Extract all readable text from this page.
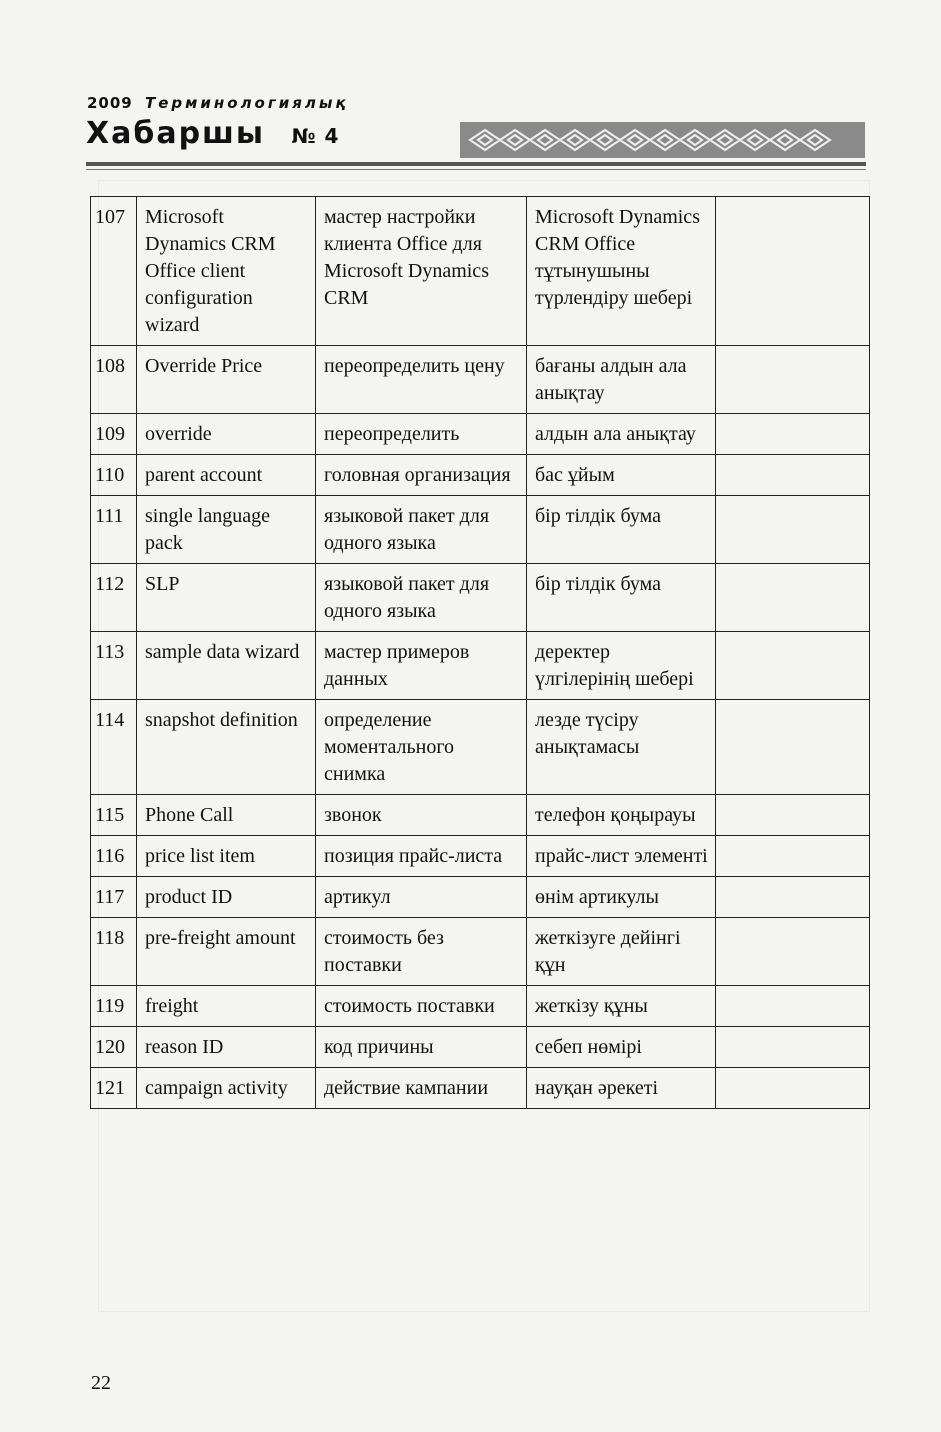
2009 Терминологиялық
Хабаршы № 4
107	Microsoft Dynamics CRM Office client configuration wizard	мастер настройки клиента Office для Microsoft Dynamics CRM	Microsoft Dynamics CRM Office тұтынушыны түрлендіру шебері	
108	Override Price	переопределить цену	бағаны алдын ала анықтау	
109	override	переопределить	алдын ала анықтау	
110	parent account	головная организация	бас ұйым	
111	single language pack	языковой пакет для одного языка	бір тілдік бума	
112	SLP	языковой пакет для одного языка	бір тілдік бума	
113	sample data wizard	мастер примеров данных	деректер үлгілерінің шебері	
114	snapshot definition	определение моментального снимка	лезде түсіру анықтамасы	
115	Phone Call	звонок	телефон қоңырауы	
116	price list item	позиция прайс-листа	прайс-лист элементі	
117	product ID	артикул	өнім артикулы	
118	pre-freight amount	стоимость без поставки	жеткізуге дейінгі құн	
119	freight	стоимость поставки	жеткізу құны	
120	reason ID	код причины	себеп нөмірі	
121	campaign activity	действие кампании	науқан әрекеті	
22
